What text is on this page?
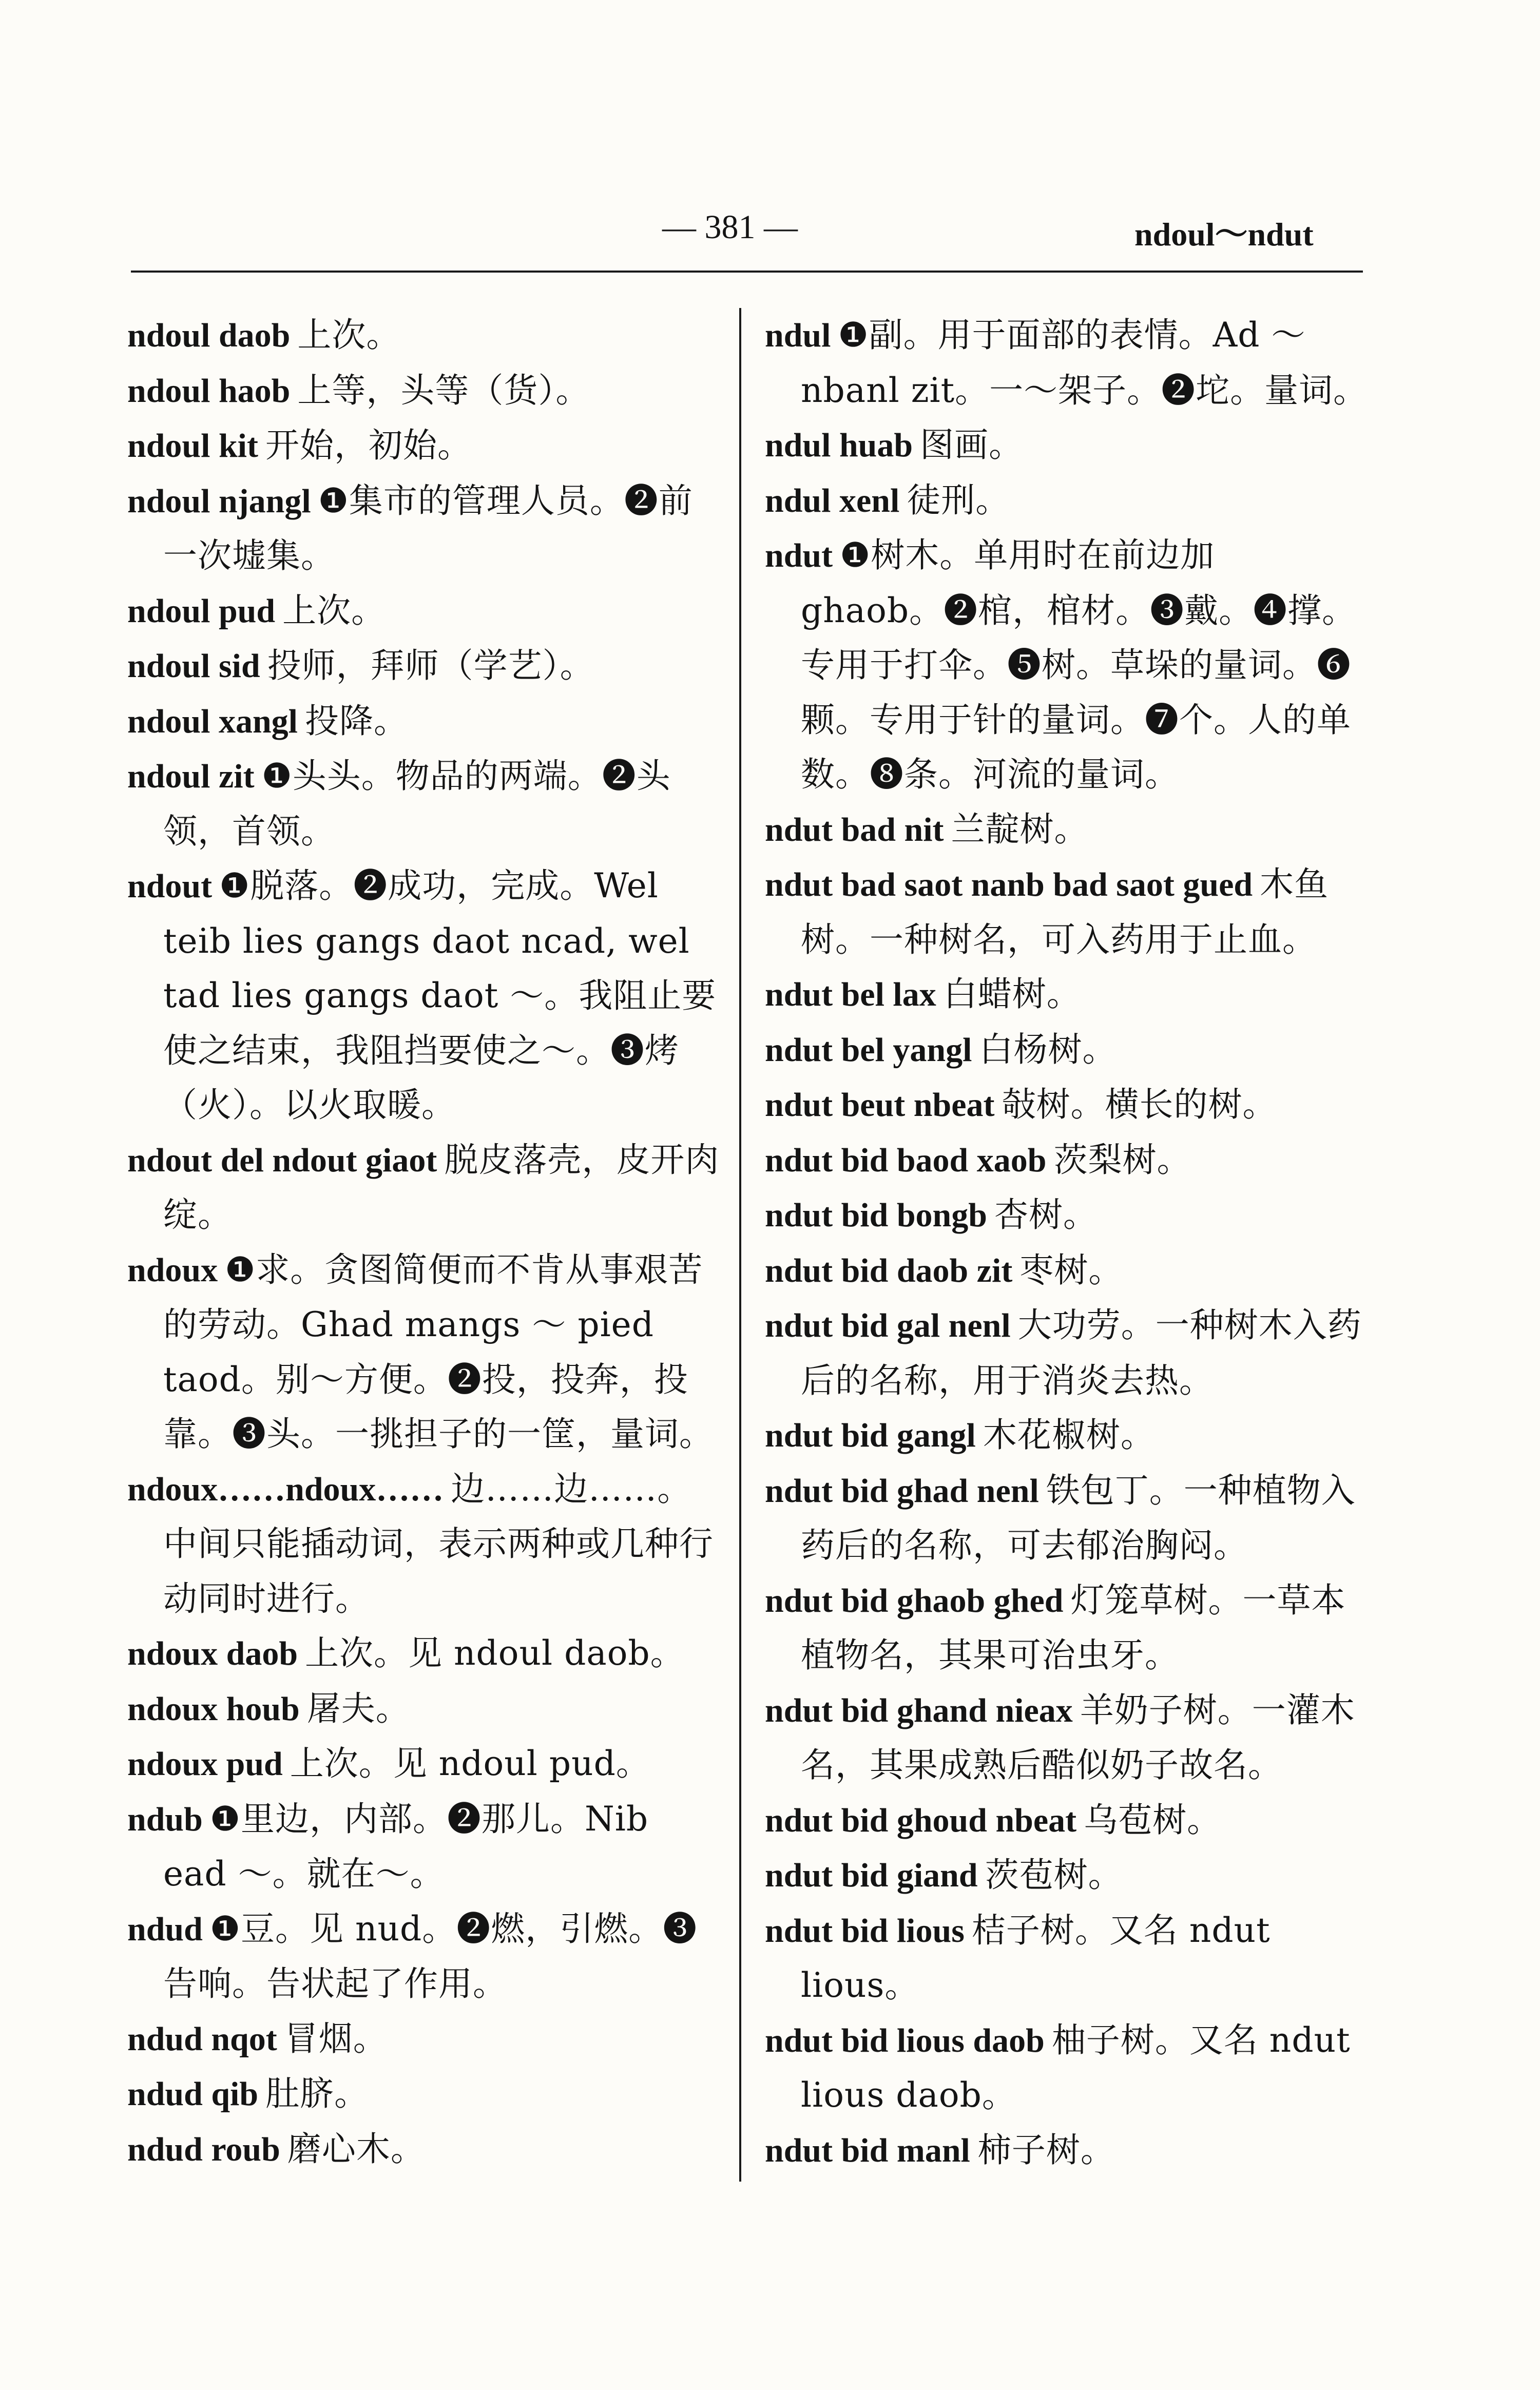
— 381 —	ndoul～ndut

ndoul daob 上次。

ndoul haob 上等，头等（货）。

ndoul kit 开始，初始。

ndoul njangl ❶集市的管理人员。❷前一次墟集。

ndoul pud 上次。

ndoul sid 投师，拜师（学艺）。

ndoul xangl 投降。

ndoul zit ❶头头。物品的两端。❷头领，首领。

ndout ❶脱落。❷成功，完成。Wel teib lies gangs daot ncad, wel tad lies gangs daot ～。我阻止要使之结束，我阻挡要使之～。❸烤（火）。以火取暖。

ndout del ndout giaot 脱皮落壳，皮开肉绽。

ndoux ❶求。贪图简便而不肯从事艰苦的劳动。Ghad mangs ～ pied taod。别～方便。❷投，投奔，投靠。❸头。一挑担子的一筐，量词。

ndoux……ndoux…… 边……边……。中间只能插动词，表示两种或几种行动同时进行。

ndoux daob 上次。见 ndoul daob。

ndoux houb 屠夫。

ndoux pud 上次。见 ndoul pud。

ndub ❶里边，内部。❷那儿。Nib ead ～。就在～。

ndud ❶豆。见 nud。❷燃，引燃。❸告响。告状起了作用。

ndud nqot 冒烟。

ndud qib 肚脐。

ndud roub 磨心木。

ndul ❶副。用于面部的表情。Ad ～ nbanl zit。一～架子。❷坨。量词。

ndul huab 图画。

ndul xenl 徒刑。

ndut ❶树木。单用时在前边加 ghaob。❷棺，棺材。❸戴。❹撑。专用于打伞。❺树。草垛的量词。❻颗。专用于针的量词。❼个。人的单数。❽条。河流的量词。

ndut bad nit 兰靛树。

ndut bad saot nanb bad saot gued 木鱼树。一种树名，可入药用于止血。

ndut bel lax 白蜡树。

ndut bel yangl 白杨树。

ndut beut nbeat 敧树。横长的树。

ndut bid baod xaob 茨梨树。

ndut bid bongb 杏树。

ndut bid daob zit 枣树。

ndut bid gal nenl 大功劳。一种树木入药后的名称，用于消炎去热。

ndut bid gangl 木花椒树。

ndut bid ghad nenl 铁包丁。一种植物入药后的名称，可去郁治胸闷。

ndut bid ghaob ghed 灯笼草树。一草本植物名，其果可治虫牙。

ndut bid ghand nieax 羊奶子树。一灌木名，其果成熟后酷似奶子故名。

ndut bid ghoud nbeat 乌苞树。

ndut bid giand 茨苞树。

ndut bid lious 桔子树。又名 ndut lious。

ndut bid lious daob 柚子树。又名 ndut lious daob。

ndut bid manl 柿子树。
